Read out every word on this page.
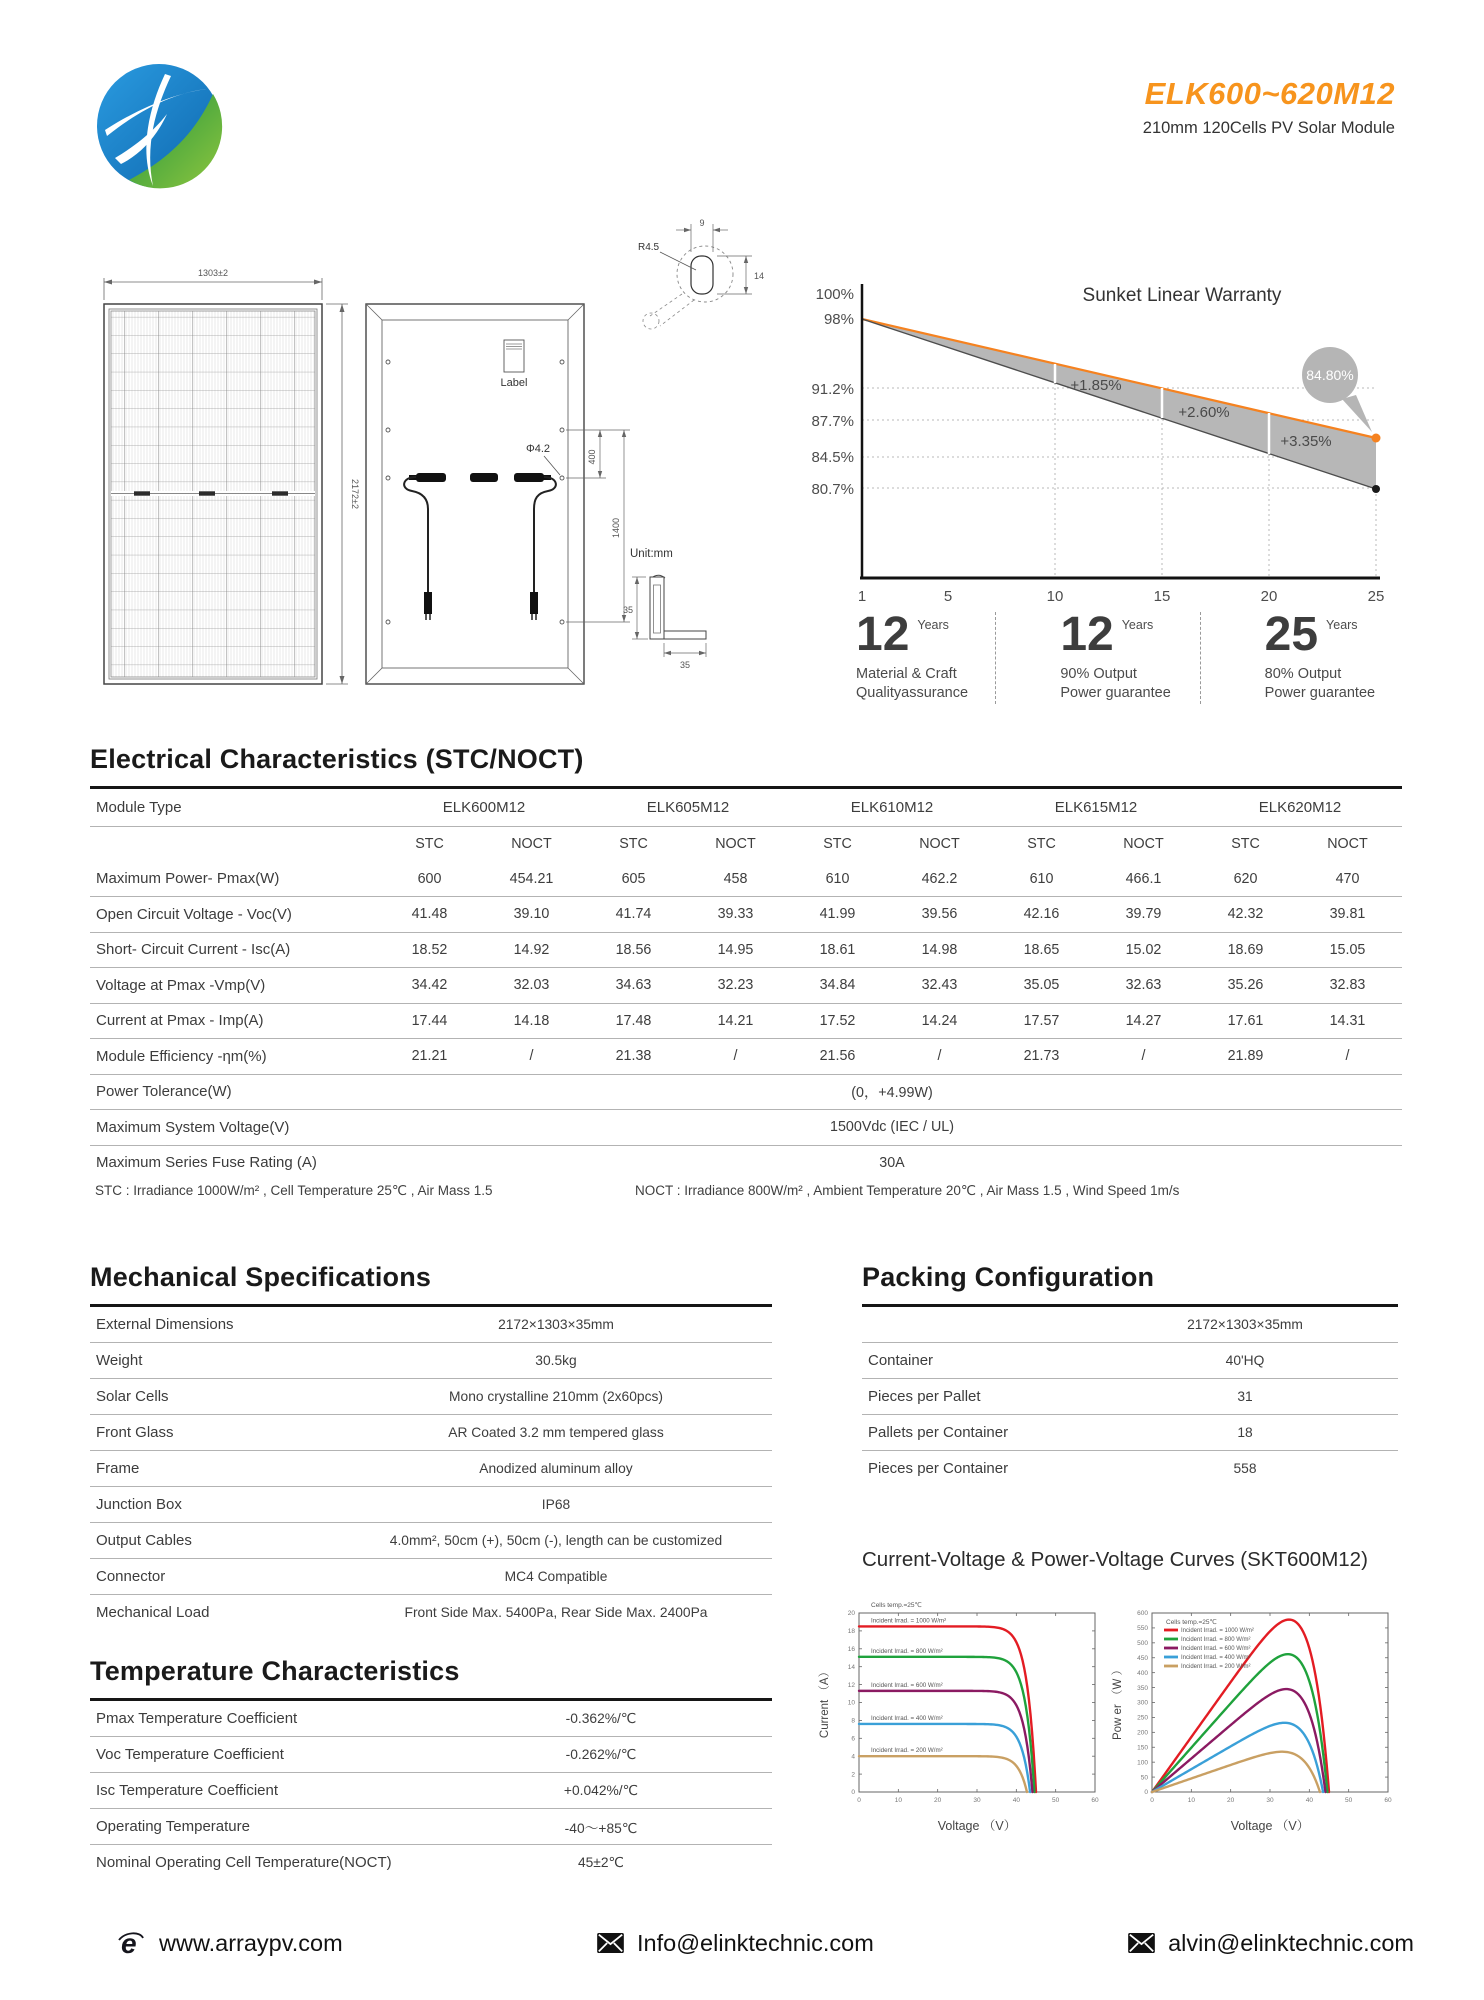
ELK600~620M12
210mm 120Cells PV Solar Module
1303±2
2172±2
Label
Φ4.2
400
1400
R4.5
9
14
Unit:mm
35
35
100%
98%
91.2%
87.7%
84.5%
80.7%
1	5	10	15	20	25
+1.85%
+2.60%
+3.35%
84.80%
Sunket Linear Warranty
12 Years
Material & Craft
Qualityassurance
12 Years
90% Output
Power guarantee
25 Years
80% Output
Power guarantee
Electrical Characteristics (STC/NOCT)
Module Type	ELK600M12		ELK605M12		ELK610M12		ELK615M12		ELK620M12	
	STC	NOCT	STC	NOCT	STC	NOCT	STC	NOCT	STC	NOCT
Maximum Power- Pmax(W)	600	454.21	605	458	610	462.2	610	466.1	620	470
Open Circuit Voltage - Voc(V)	41.48	39.10	41.74	39.33	41.99	39.56	42.16	39.79	42.32	39.81
Short- Circuit Current - Isc(A)	18.52	14.92	18.56	14.95	18.61	14.98	18.65	15.02	18.69	15.05
Voltage at Pmax -Vmp(V)	34.42	32.03	34.63	32.23	34.84	32.43	35.05	32.63	35.26	32.83
Current at Pmax - Imp(A)	17.44	14.18	17.48	14.21	17.52	14.24	17.57	14.27	17.61	14.31
Module Efficiency -ηm(%)	21.21	/	21.38	/	21.56	/	21.73	/	21.89	/
Power Tolerance(W)	(0，+4.99W)									
Maximum System Voltage(V)	1500Vdc (IEC / UL)									
Maximum Series Fuse Rating (A)	30A									
STC : Irradiance 1000W/m² , Cell Temperature 25℃ , Air Mass 1.5	NOCT : Irradiance 800W/m² , Ambient Temperature 20℃ , Air Mass 1.5 , Wind Speed 1m/s
Mechanical Specifications
External Dimensions	2172×1303×35mm
Weight	30.5kg
Solar Cells	Mono crystalline 210mm (2x60pcs)
Front Glass	AR Coated 3.2 mm tempered glass
Frame	Anodized aluminum alloy
Junction Box	IP68
Output Cables	4.0mm², 50cm (+), 50cm (-), length can be customized
Connector	MC4 Compatible
Mechanical Load	Front Side Max. 5400Pa, Rear Side Max. 2400Pa
Packing Configuration
	2172×1303×35mm
Container	40'HQ
Pieces per Pallet	31
Pallets per Container	18
Pieces per Container	558
Temperature Characteristics
Pmax Temperature Coefficient	-0.362%/℃
Voc Temperature Coefficient	-0.262%/℃
Isc Temperature Coefficient	+0.042%/℃
Operating Temperature	-40～+85℃
Nominal Operating Cell Temperature(NOCT)	45±2℃
Current-Voltage & Power-Voltage Curves (SKT600M12)
0	10	20	30	40	50	60
0
2
4
6
8
10
12
14
16
18
20
Current （A）
Voltage （V）
Cells temp.=25℃
Incident Irrad. = 1000 W/m²
Incident Irrad. = 800 W/m²
Incident Irrad. = 600 W/m²
Incident Irrad. = 400 W/m²
Incident Irrad. = 200 W/m²
0	10	20	30	40	50	60
0
50
100
150
200
250
300
350
400
450
500
550
600
Pow er （W ）
Voltage （V）
Cells temp.=25℃
Incident Irrad. = 1000 W/m²
Incident Irrad. = 800 W/m²
Incident Irrad. = 600 W/m²
Incident Irrad. = 400 W/m²
Incident Irrad. = 200 W/m²
e www.arraypv.com	Info@elinktechnic.com	alvin@elinktechnic.com
